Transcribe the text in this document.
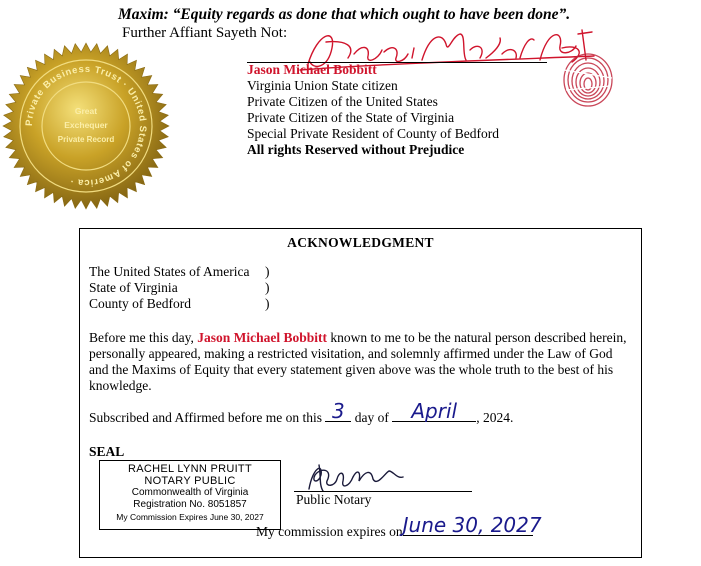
Maxim: “Equity regards as done that which ought to have been done”.
Further Affiant Sayeth Not:
Private Business Trust · United States of America ·
Great
Exchequer
Private Record
Jason Michael Bobbitt
Virginia Union State citizen
Private Citizen of the United States
Private Citizen of the State of Virginia
Special Private Resident of County of Bedford
All rights Reserved without Prejudice
ACKNOWLEDGMENT
The United States of America )
State of Virginia	)
County of Bedford	)
Before me this day, Jason Michael Bobbitt known to me to be the natural person described herein, personally appeared, making a restricted visitation, and solemnly affirmed under the Law of God and the Maxims of Equity that every statement given above was the whole truth to the best of his knowledge.
Subscribed and Affirmed before me on this 3 day of April	, 2024.
SEAL
RACHEL LYNN PRUITT
NOTARY PUBLIC
Commonwealth of Virginia
Registration No. 8051857
My Commission Expires June 30, 2027
Public Notary
My commission expires on June 30, 2027
